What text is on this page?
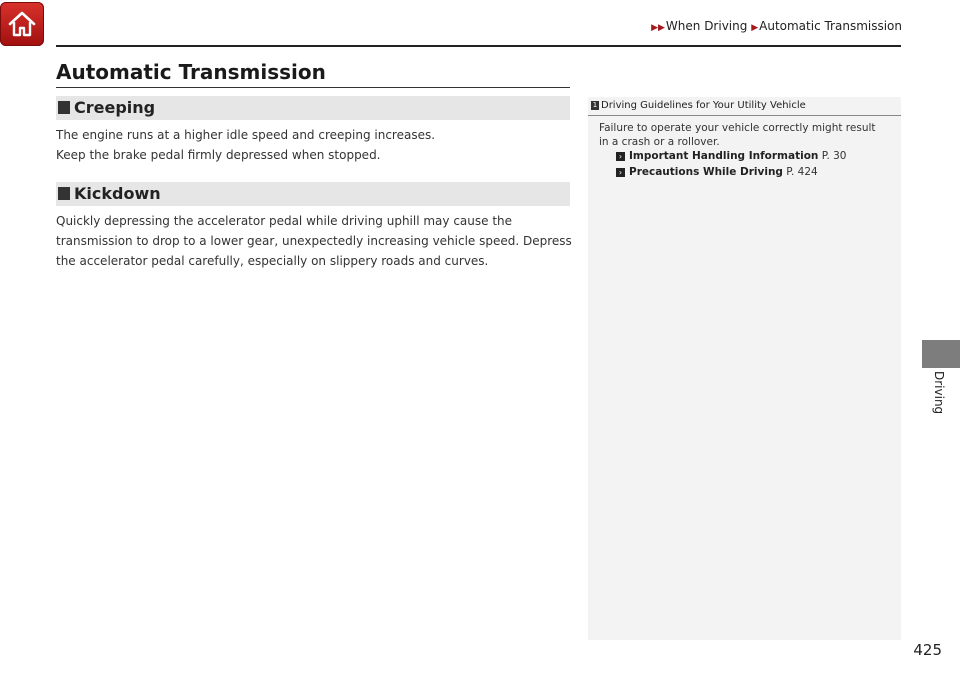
▶▶When Driving ▶Automatic Transmission
Automatic Transmission
Creeping

The engine runs at a higher idle speed and creeping increases.
Keep the brake pedal firmly depressed when stopped.

Kickdown

Quickly depressing the accelerator pedal while driving uphill may cause the
transmission to drop to a lower gear, unexpectedly increasing vehicle speed. Depress
the accelerator pedal carefully, especially on slippery roads and curves.

1 Driving Guidelines for Your Utility Vehicle
Failure to operate your vehicle correctly might result
in a crash or a rollover.
› Important Handling Information P. 30
› Precautions While Driving P. 424
Driving
425
